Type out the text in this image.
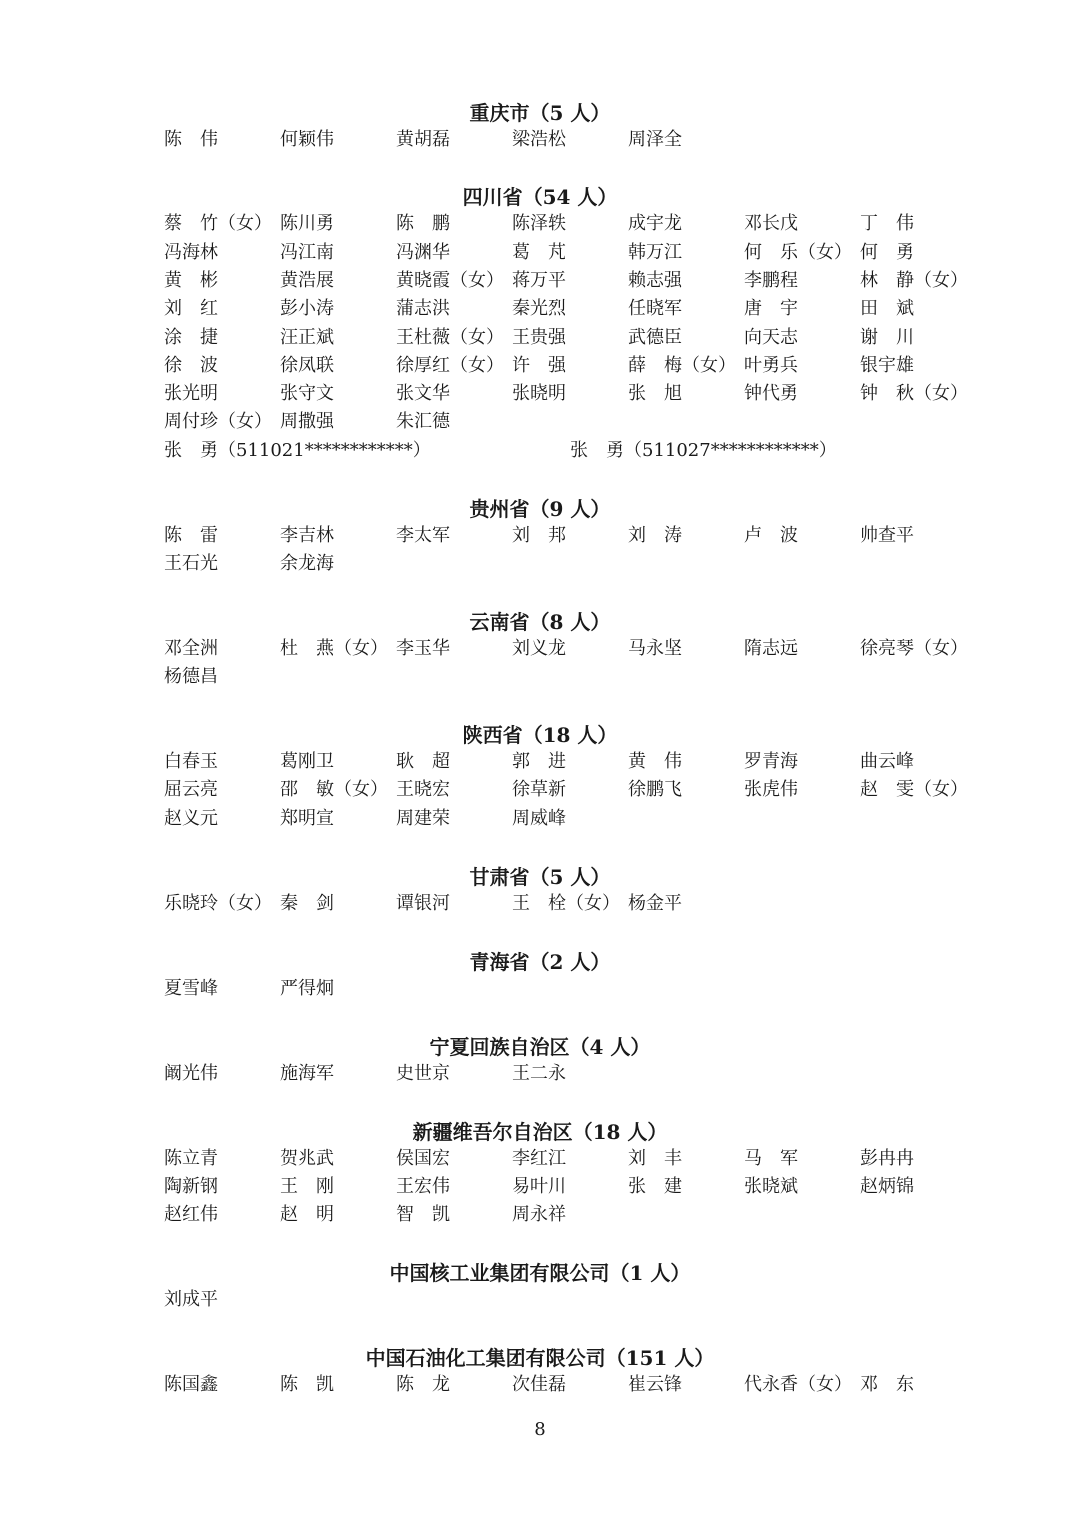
8
重庆市（5 人）
陈　伟	何颖伟	黄胡磊	梁浩松	周泽全
四川省（54 人）
蔡　竹（女） 陈川勇	陈　鹏	陈泽轶	成宇龙	邓长戊	丁　伟
冯海林	冯江南	冯渊华	葛　芃	韩万江	何　乐（女） 何　勇
黄　彬	黄浩展	黄晓霞（女） 蒋万平	赖志强	李鹏程	林　静（女）
刘　红	彭小涛	蒲志洪	秦光烈	任晓军	唐　宇	田　斌
涂　捷	汪正斌	王杜薇（女） 王贵强	武德臣	向天志	谢　川
徐　波	徐凤联	徐厚红（女） 许　强	薛　梅（女） 叶勇兵	银宇雄
张光明	张守文	张文华	张晓明	张　旭	钟代勇	钟　秋（女）
周付珍（女） 周撒强	朱汇德
张　勇（511021************）	张　勇（511027************）
贵州省（9 人）
陈　雷	李吉林	李太军	刘　邦	刘　涛	卢　波	帅查平
王石光	余龙海
云南省（8 人）
邓全洲	杜　燕（女） 李玉华	刘义龙	马永坚	隋志远	徐亮琴（女）
杨德昌
陕西省（18 人）
白春玉	葛刚卫	耿　超	郭　进	黄　伟	罗青海	曲云峰
屈云亮	邵　敏（女） 王晓宏	徐草新	徐鹏飞	张虎伟	赵　雯（女）
赵义元	郑明宣	周建荣	周威峰
甘肃省（5 人）
乐晓玲（女） 秦　剑	谭银河	王　栓（女） 杨金平
青海省（2 人）
夏雪峰	严得炯
宁夏回族自治区（4 人）
阚光伟	施海军	史世京	王二永
新疆维吾尔自治区（18 人）
陈立青	贺兆武	侯国宏	李红江	刘　丰	马　军	彭冉冉
陶新钢	王　刚	王宏伟	易叶川	张　建	张晓斌	赵炳锦
赵红伟	赵　明	智　凯	周永祥
中国核工业集团有限公司（1 人）
刘成平
中国石油化工集团有限公司（151 人）
陈国鑫	陈　凯	陈　龙	次佳磊	崔云锋	代永香（女） 邓　东
